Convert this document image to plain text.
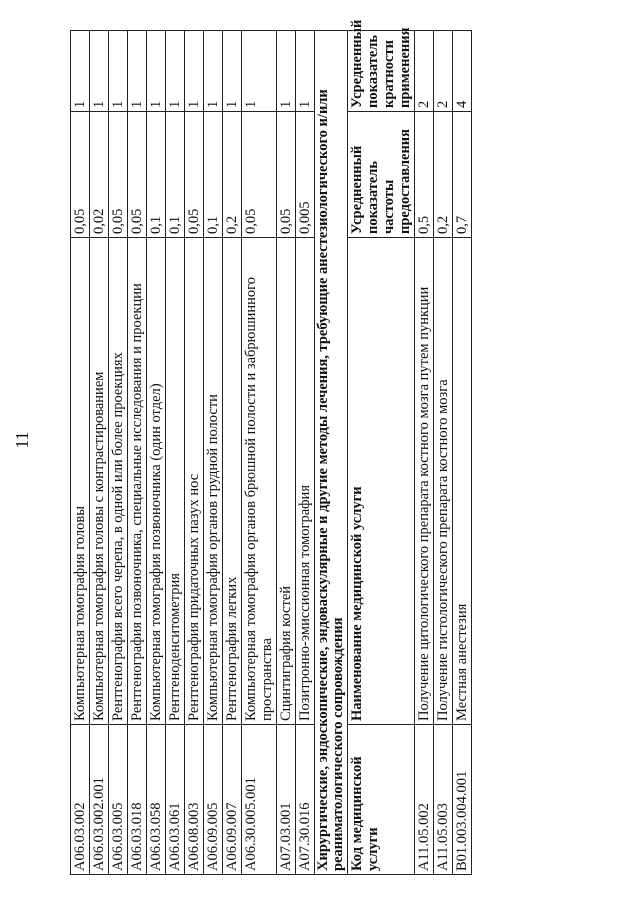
11
A06.03.002	Компьютерная томография головы	0,05	1
A06.03.002.001	Компьютерная томография головы с контрастированием	0,02	1
A06.03.005	Рентгенография всего черепа, в одной или более проекциях	0,05	1
A06.03.018	Рентгенография позвоночника, специальные исследования и проекции	0,05	1
A06.03.058	Компьютерная томография позвоночника (один отдел)	0,1	1
A06.03.061	Рентгеноденситометрия	0,1	1
A06.08.003	Рентгенография придаточных пазух нос	0,05	1
A06.09.005	Компьютерная томография органов грудной полости	0,1	1
A06.09.007	Рентгенография легких	0,2	1
A06.30.005.001	Компьютерная томография органов брюшной полости и забрюшинного пространства	0,05	1
A07.03.001	Сцинтиграфия костей	0,05	1
A07.30.016	Позитронно-эмиссионная томография	0,005	1
Хирургические, эндоскопические, эндоваскулярные и другие методы лечения, требующие анестезиологического и/или реаниматологического сопровождения			
Код медицинской услуги	Наименование медицинской услуги	Усредненный показатель частоты предоставления	Усредненный показатель кратности применения
A11.05.002	Получение цитологического препарата костного мозга путем пункции	0,5	2
A11.05.003	Получение гистологического препарата костного мозга	0,2	2
B01.003.004.001	Местная анестезия	0,7	4
